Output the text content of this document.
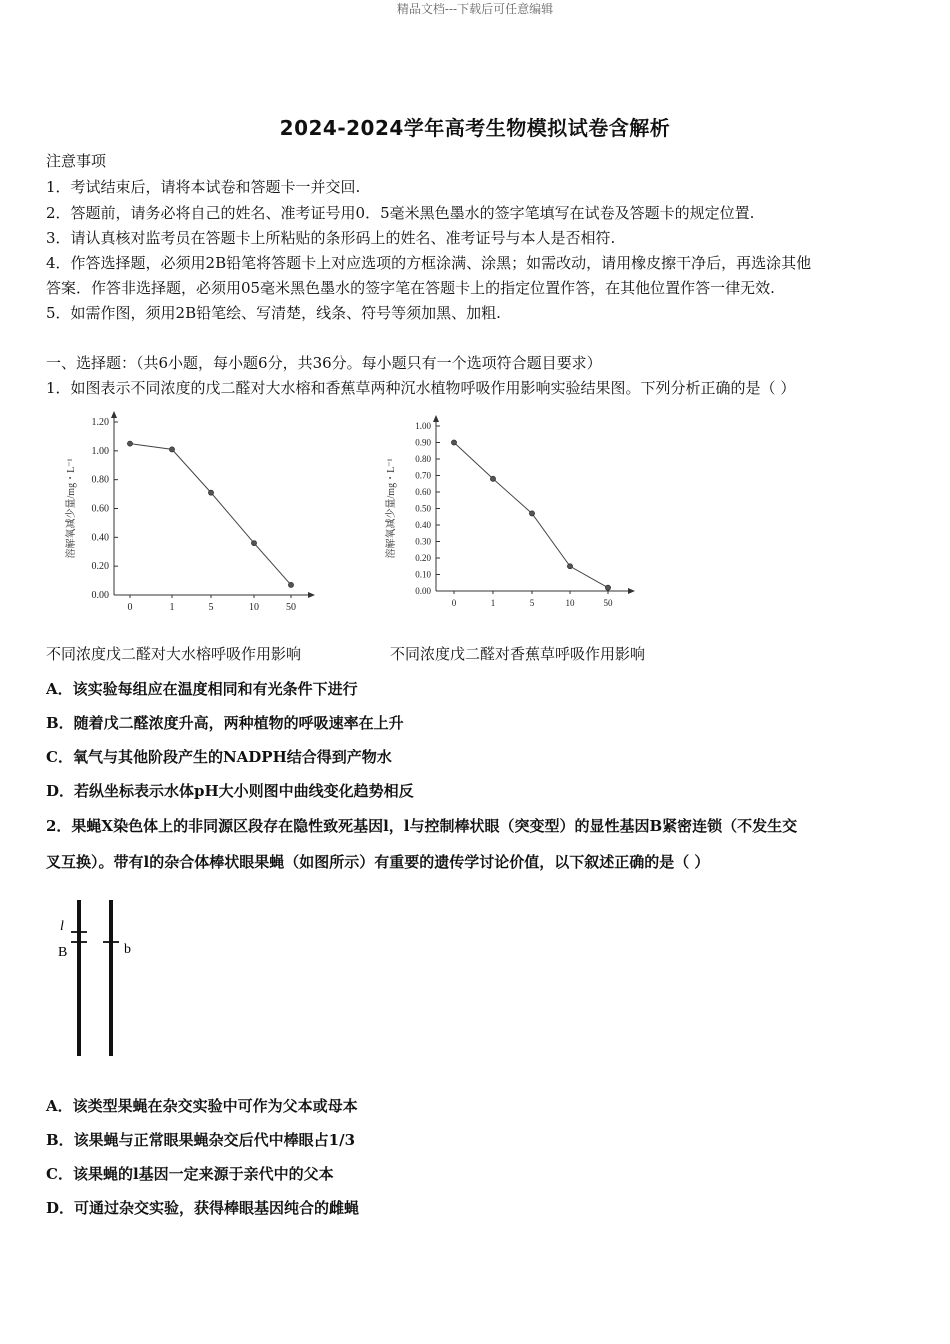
精品文档---下载后可任意编辑
2024-2024学年高考生物模拟试卷含解析
注意事项
1．考试结束后，请将本试卷和答题卡一并交回.
2．答题前，请务必将自己的姓名、准考证号用0．5毫米黑色墨水的签字笔填写在试卷及答题卡的规定位置.
3．请认真核对监考员在答题卡上所粘贴的条形码上的姓名、准考证号与本人是否相符.
4．作答选择题，必须用2B铅笔将答题卡上对应选项的方框涂满、涂黑；如需改动，请用橡皮擦干净后，再选涂其他
答案．作答非选择题，必须用05毫米黑色墨水的签字笔在答题卡上的指定位置作答，在其他位置作答一律无效.
5．如需作图，须用2B铅笔绘、写清楚，线条、符号等须加黑、加粗.
一、选择题：（共6小题，每小题6分，共36分。每小题只有一个选项符合题目要求）
1．如图表示不同浓度的戊二醛对大水榕和香蕉草两种沉水植物呼吸作用影响实验结果图。下列分析正确的是（ ）
0.00
0.20
0.40
0.60
0.80
1.00
1.20
0	1	5	10	50
溶解氧减少量/mg・L⁻¹
0.00
0.10
0.20
0.30
0.40
0.50
0.60
0.70
0.80
0.90
1.00
0	1	5	10	50
溶解氧减少量/mg・L⁻¹
不同浓度戊二醛对大水榕呼吸作用影响	不同浓度戊二醛对香蕉草呼吸作用影响
A．该实验每组应在温度相同和有光条件下进行
B．随着戊二醛浓度升高，两种植物的呼吸速率在上升
C．氧气与其他阶段产生的NADPH结合得到产物水
D．若纵坐标表示水体pH大小则图中曲线变化趋势相反
2．果蝇X染色体上的非同源区段存在隐性致死基因l，l与控制棒状眼（突变型）的显性基因B紧密连锁（不发生交
叉互换）。带有l的杂合体棒状眼果蝇（如图所示）有重要的遗传学讨论价值，以下叙述正确的是（ ）
l
B	b
A．该类型果蝇在杂交实验中可作为父本或母本
B．该果蝇与正常眼果蝇杂交后代中棒眼占1/3
C．该果蝇的l基因一定来源于亲代中的父本
D．可通过杂交实验，获得棒眼基因纯合的雌蝇
